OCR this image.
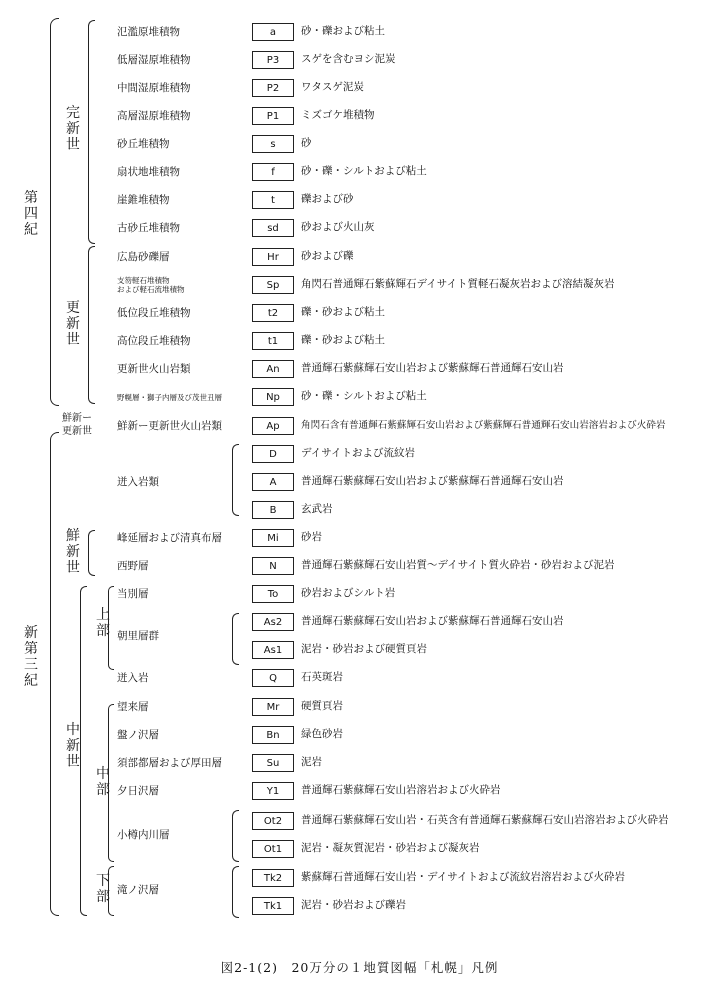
第
四
紀
完
新
世
更
新
世
鮮新ー
更新世
新
第
三
紀
鮮
新
世
中
新
世
上
部
中
部
下
部
氾濫原堆積物	a	砂・礫および粘土
低層湿原堆積物	P3	スゲを含むヨシ泥炭
中間湿原堆積物	P2	ワタスゲ泥炭
高層湿原堆積物	P1	ミズゴケ堆積物
砂丘堆積物	s	砂
扇状地堆積物	f	砂・礫・シルトおよび粘土
崖錐堆積物	t	礫および砂
古砂丘堆積物	sd	砂および火山灰
広島砂礫層	Hr	砂および礫
支笏軽石堆積物
および軽石流堆積物	Sp	角閃石普通輝石紫蘇輝石デイサイト質軽石凝灰岩および溶結凝灰岩
低位段丘堆積物	t2	礫・砂および粘土
高位段丘堆積物	t1	礫・砂および粘土
更新世火山岩類	An	普通輝石紫蘇輝石安山岩および紫蘇輝石普通輝石安山岩
野幌層・獅子内層及び茂世丑層	Np	砂・礫・シルトおよび粘土
鮮新ー更新世火山岩類	Ap	角閃石含有普通輝石紫蘇輝石安山岩および紫蘇輝石普通輝石安山岩溶岩および火砕岩
D	デイサイトおよび流紋岩
迸入岩類	A	普通輝石紫蘇輝石安山岩および紫蘇輝石普通輝石安山岩
B	玄武岩
峰延層および清真布層	Mi	砂岩
西野層	N	普通輝石紫蘇輝石安山岩質〜デイサイト質火砕岩・砂岩および泥岩
当別層	To	砂岩およびシルト岩
朝里層群
As2	普通輝石紫蘇輝石安山岩および紫蘇輝石普通輝石安山岩
As1	泥岩・砂岩および硬質頁岩
迸入岩	Q	石英斑岩
望来層	Mr	硬質頁岩
盤ノ沢層	Bn	緑色砂岩
須部都層および厚田層	Su	泥岩
夕日沢層	Y1	普通輝石紫蘇輝石安山岩溶岩および火砕岩
小樽内川層
Ot2	普通輝石紫蘇輝石安山岩・石英含有普通輝石紫蘇輝石安山岩溶岩および火砕岩
Ot1	泥岩・凝灰質泥岩・砂岩および凝灰岩
滝ノ沢層
Tk2	紫蘇輝石普通輝石安山岩・デイサイトおよび流紋岩溶岩および火砕岩
Tk1	泥岩・砂岩および礫岩
図2-1(2)　20万分の１地質図幅「札幌」凡例
